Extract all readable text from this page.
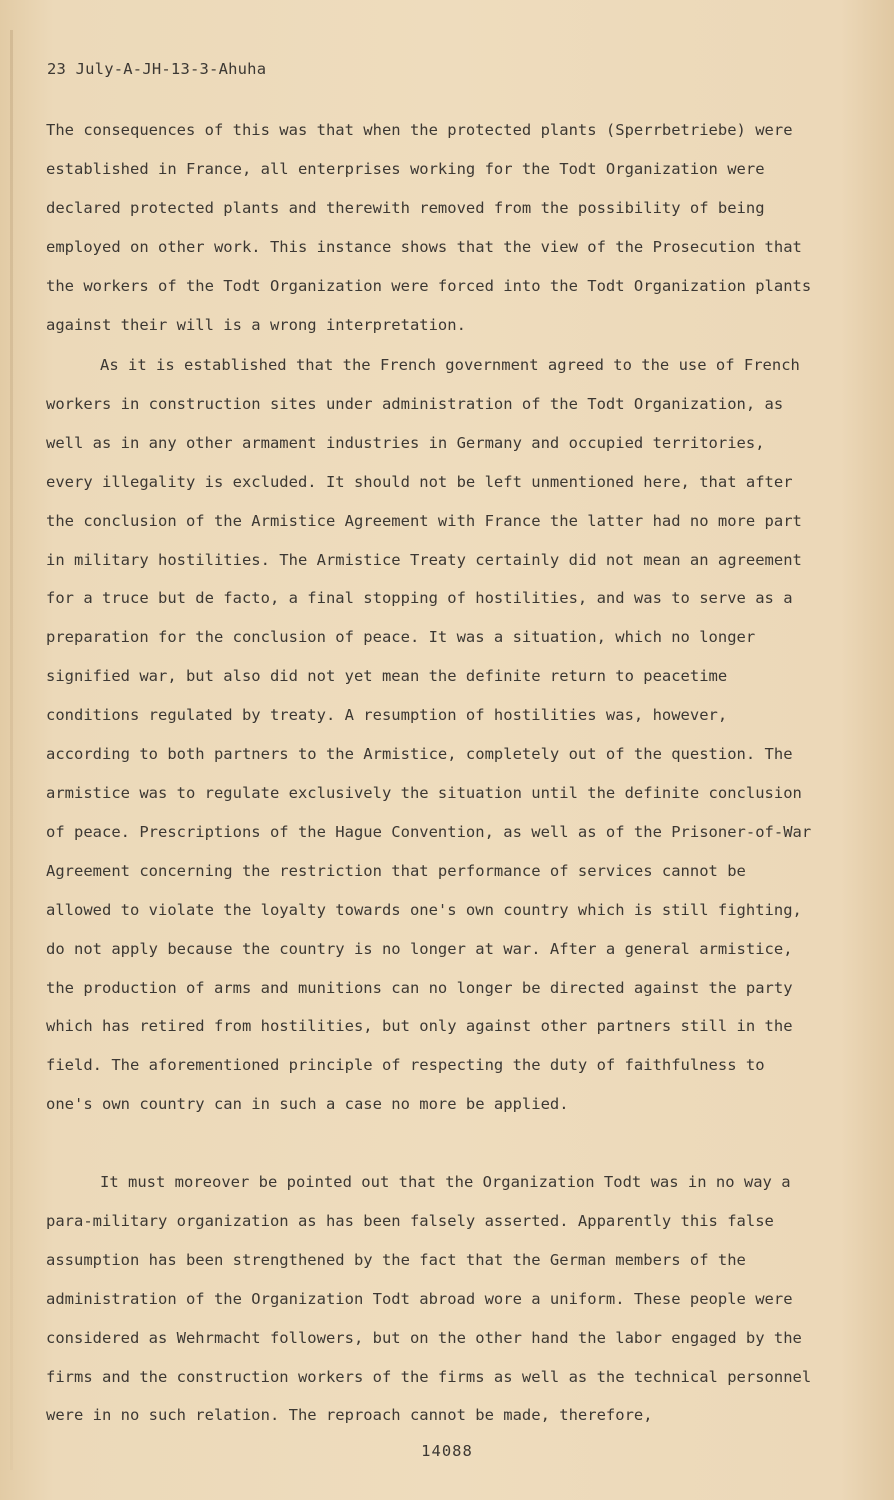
23 July-A-JH-13-3-Ahuha

The consequences of this was that when the protected plants (Sperrbetriebe) were established in France, all enterprises working for the Todt Organization were declared protected plants and therewith removed from the possibility of being employed on other work. This instance shows that the view of the Prosecution that the workers of the Todt Organization were forced into the Todt Organization plants against their will is a wrong interpretation.

As it is established that the French government agreed to the use of French workers in construction sites under administration of the Todt Organization, as well as in any other armament industries in Germany and occupied territories, every illegality is excluded. It should not be left unmentioned here, that after the conclusion of the Armistice Agreement with France the latter had no more part in military hostilities. The Armistice Treaty certainly did not mean an agreement for a truce but de facto, a final stopping of hostilities, and was to serve as a preparation for the conclusion of peace. It was a situation, which no longer signified war, but also did not yet mean the definite return to peacetime conditions regulated by treaty. A resumption of hostilities was, however, according to both partners to the Armistice, completely out of the question. The armistice was to regulate exclusively the situation until the definite conclusion of peace. Prescriptions of the Hague Convention, as well as of the Prisoner-of-War Agreement concerning the restriction that performance of services cannot be allowed to violate the loyalty towards one's own country which is still fighting, do not apply because the country is no longer at war. After a general armistice, the production of arms and munitions can no longer be directed against the party which has retired from hostilities, but only against other partners still in the field. The aforementioned principle of respecting the duty of faithfulness to one's own country can in such a case no more be applied.

It must moreover be pointed out that the Organization Todt was in no way a para-military organization as has been falsely asserted. Apparently this false assumption has been strengthened by the fact that the German members of the administration of the Organization Todt abroad wore a uniform. These people were considered as Wehrmacht followers, but on the other hand the labor engaged by the firms and the construction workers of the firms as well as the technical personnel were in no such relation. The reproach cannot be made, therefore,

14088
